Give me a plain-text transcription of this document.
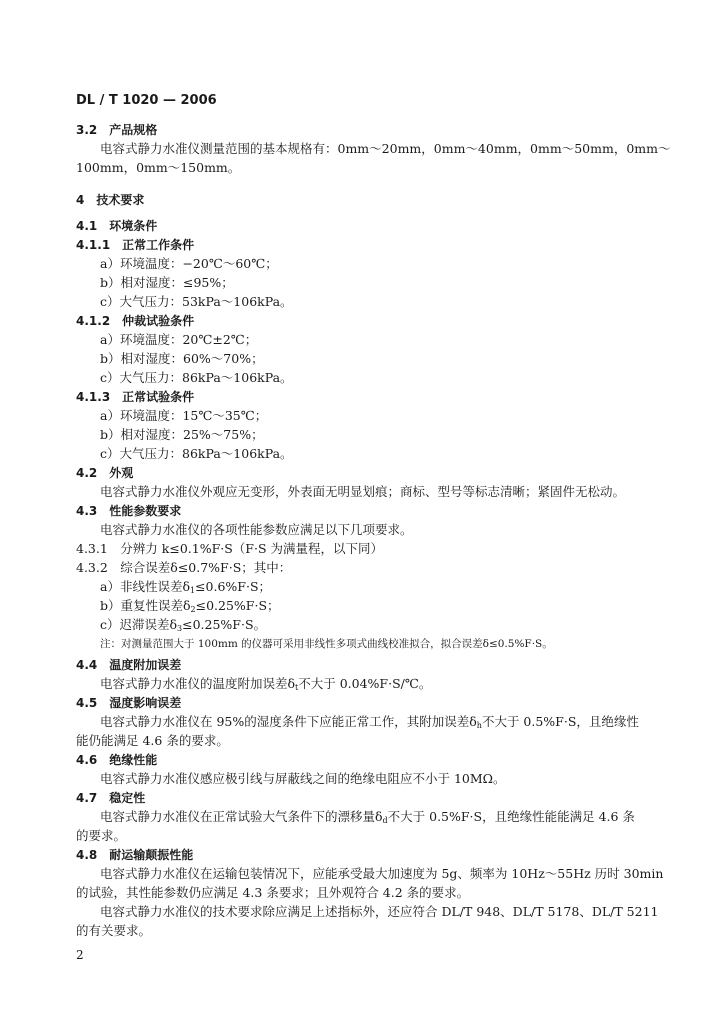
DL / T 1020 — 2006
3.2　产品规格
电容式静力水准仪测量范围的基本规格有：0mm～20mm，0mm～40mm，0mm～50mm，0mm～
100mm，0mm～150mm。
4　技术要求
4.1　环境条件
4.1.1　正常工作条件
a）环境温度：−20℃～60℃；
b）相对湿度：≤95%；
c）大气压力：53kPa～106kPa。
4.1.2　仲裁试验条件
a）环境温度：20℃±2℃；
b）相对湿度：60%～70%；
c）大气压力：86kPa～106kPa。
4.1.3　正常试验条件
a）环境温度：15℃～35℃；
b）相对湿度：25%～75%；
c）大气压力：86kPa～106kPa。
4.2　外观
电容式静力水准仪外观应无变形，外表面无明显划痕；商标、型号等标志清晰；紧固件无松动。
4.3　性能参数要求
电容式静力水准仪的各项性能参数应满足以下几项要求。
4.3.1　分辨力 k≤0.1%F·S（F·S 为满量程，以下同）
4.3.2　综合误差δ≤0.7%F·S；其中：
a）非线性误差$\delta_1\le 0.6\%F\cdot S$；
b）重复性误差$\delta_2\le 0.25\%F\cdot S$；
c）迟滞误差$\delta_3\le 0.25\%F\cdot S$。
注：对测量范围大于 100mm 的仪器可采用非线性多项式曲线校准拟合，拟合误差δ≤0.5%F·S。
4.4　温度附加误差
电容式静力水准仪的温度附加误差$\delta_t$不大于 0.04%F·S/℃。
4.5　湿度影响误差
电容式静力水准仪在 95%的湿度条件下应能正常工作，其附加误差$\delta_h$不大于 0.5%F·S，且绝缘性
能仍能满足 4.6 条的要求。
4.6　绝缘性能
电容式静力水准仪感应极引线与屏蔽线之间的绝缘电阻应不小于 10MΩ。
4.7　稳定性
电容式静力水准仪在正常试验大气条件下的漂移量$\delta_d$不大于 0.5%F·S，且绝缘性能能满足 4.6 条
的要求。
4.8　耐运输颠振性能
电容式静力水准仪在运输包装情况下，应能承受最大加速度为 5g、频率为 10Hz～55Hz 历时 30min
的试验，其性能参数仍应满足 4.3 条要求；且外观符合 4.2 条的要求。
电容式静力水准仪的技术要求除应满足上述指标外，还应符合 DL/T 948、DL/T 5178、DL/T 5211
的有关要求。
2
